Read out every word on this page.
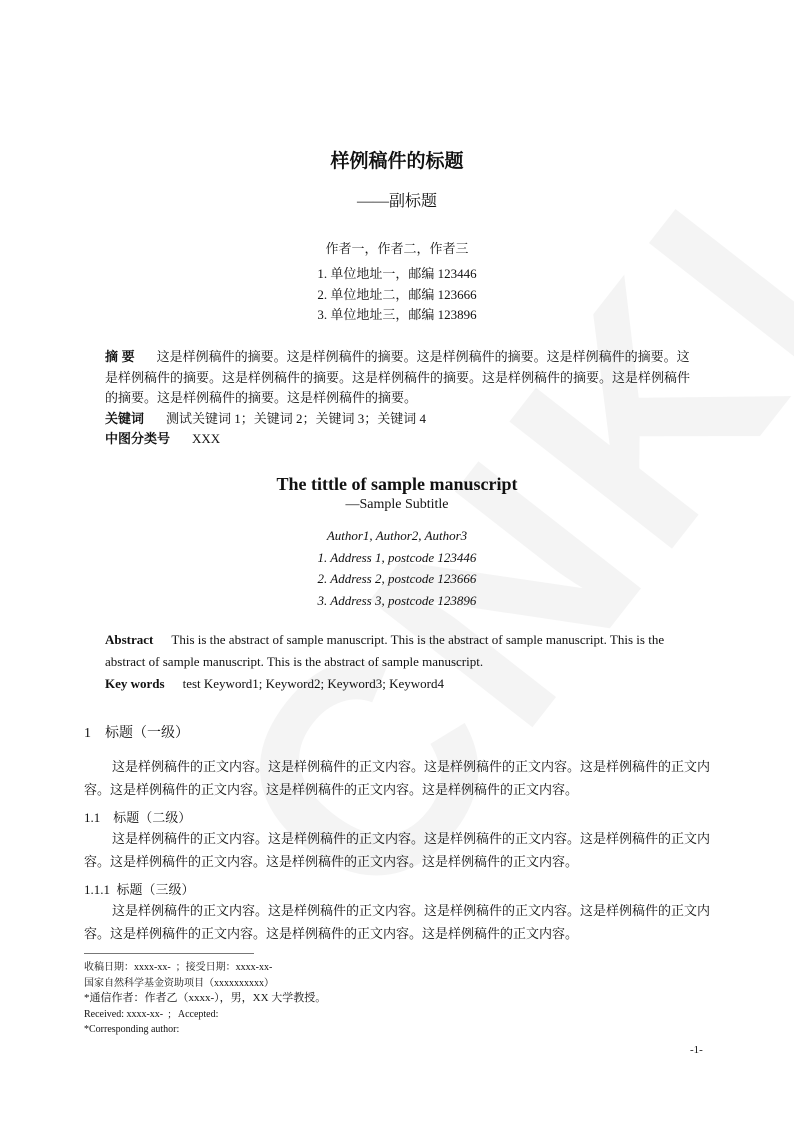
样例稿件的标题
——副标题
作者一，作者二，作者三
1. 单位地址一，邮编 123446
2. 单位地址二，邮编 123666
3. 单位地址三，邮编 123896
摘 要 这是样例稿件的摘要。这是样例稿件的摘要。这是样例稿件的摘要。这是样例稿件的摘要。这是样例稿件的摘要。这是样例稿件的摘要。这是样例稿件的摘要。这是样例稿件的摘要。这是样例稿件的摘要。这是样例稿件的摘要。这是样例稿件的摘要。
关键词 测试关键词 1；关键词 2；关键词 3；关键词 4
中图分类号 XXX
The tittle of sample manuscript
—Sample Subtitle
Author1, Author2, Author3
1. Address 1, postcode 123446
2. Address 2, postcode 123666
3. Address 3, postcode 123896
Abstract This is the abstract of sample manuscript. This is the abstract of sample manuscript. This is the abstract of sample manuscript. This is the abstract of sample manuscript.
Key words test Keyword1; Keyword2; Keyword3; Keyword4
1    标题（一级）

这是样例稿件的正文内容。这是样例稿件的正文内容。这是样例稿件的正文内容。这是样例稿件的正文内容。这是样例稿件的正文内容。这是样例稿件的正文内容。这是样例稿件的正文内容。

1.1    标题（二级）

这是样例稿件的正文内容。这是样例稿件的正文内容。这是样例稿件的正文内容。这是样例稿件的正文内容。这是样例稿件的正文内容。这是样例稿件的正文内容。这是样例稿件的正文内容。

1.1.1  标题（三级）

这是样例稿件的正文内容。这是样例稿件的正文内容。这是样例稿件的正文内容。这是样例稿件的正文内容。这是样例稿件的正文内容。这是样例稿件的正文内容。这是样例稿件的正文内容。

收稿日期：xxxx-xx-  ；接受日期：xxxx-xx-
国家自然科学基金资助项目（xxxxxxxxxx）
*通信作者：作者乙（xxxx-），男，XX 大学教授。
Received: xxxx-xx-  ;   Accepted:
*Corresponding author:
-1-
